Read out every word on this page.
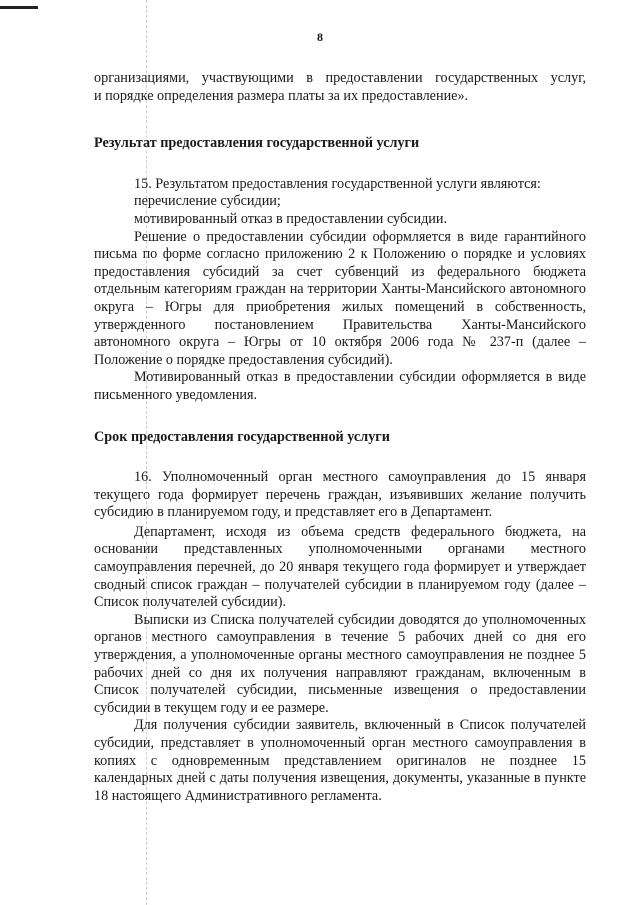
8

организациями, участвующими в предоставлении государственных услуг,

и порядке определения размера платы за их предоставление».

Результат предоставления государственной услуги

15. Результатом предоставления государственной услуги являются:

перечисление субсидии;

мотивированный отказ в предоставлении субсидии.

Решение о предоставлении субсидии оформляется в виде гарантийного письма по форме согласно приложению 2 к Положению о порядке и условиях предоставления субсидий за счет субвенций из федерального бюджета отдельным категориям граждан на территории Ханты-Мансийского автономного округа – Югры для приобретения жилых помещений в собственность, утвержденного постановлением Правительства Ханты-Мансийского автономного округа – Югры от 10 октября 2006 года № 237-п (далее – Положение о порядке предоставления субсидий).

Мотивированный отказ в предоставлении субсидии оформляется в виде письменного уведомления.

Срок предоставления государственной услуги

16. Уполномоченный орган местного самоуправления до 15 января текущего года формирует перечень граждан, изъявивших желание получить субсидию в планируемом году, и представляет его в Департамент.

Департамент, исходя из объема средств федерального бюджета, на основании представленных уполномоченными органами местного самоуправления перечней, до 20 января текущего года формирует и утверждает сводный список граждан – получателей субсидии в планируемом году (далее – Список получателей субсидии).

Выписки из Списка получателей субсидии доводятся до уполномоченных органов местного самоуправления в течение 5 рабочих дней со дня его утверждения, а уполномоченные органы местного самоуправления не позднее 5 рабочих дней со дня их получения направляют гражданам, включенным в Список получателей субсидии, письменные извещения о предоставлении субсидии в текущем году и ее размере.

Для получения субсидии заявитель, включенный в Список получателей субсидии, представляет в уполномоченный орган местного самоуправления в копиях с одновременным представлением оригиналов не позднее 15 календарных дней с даты получения извещения, документы, указанные в пункте 18 настоящего Административного регламента.
